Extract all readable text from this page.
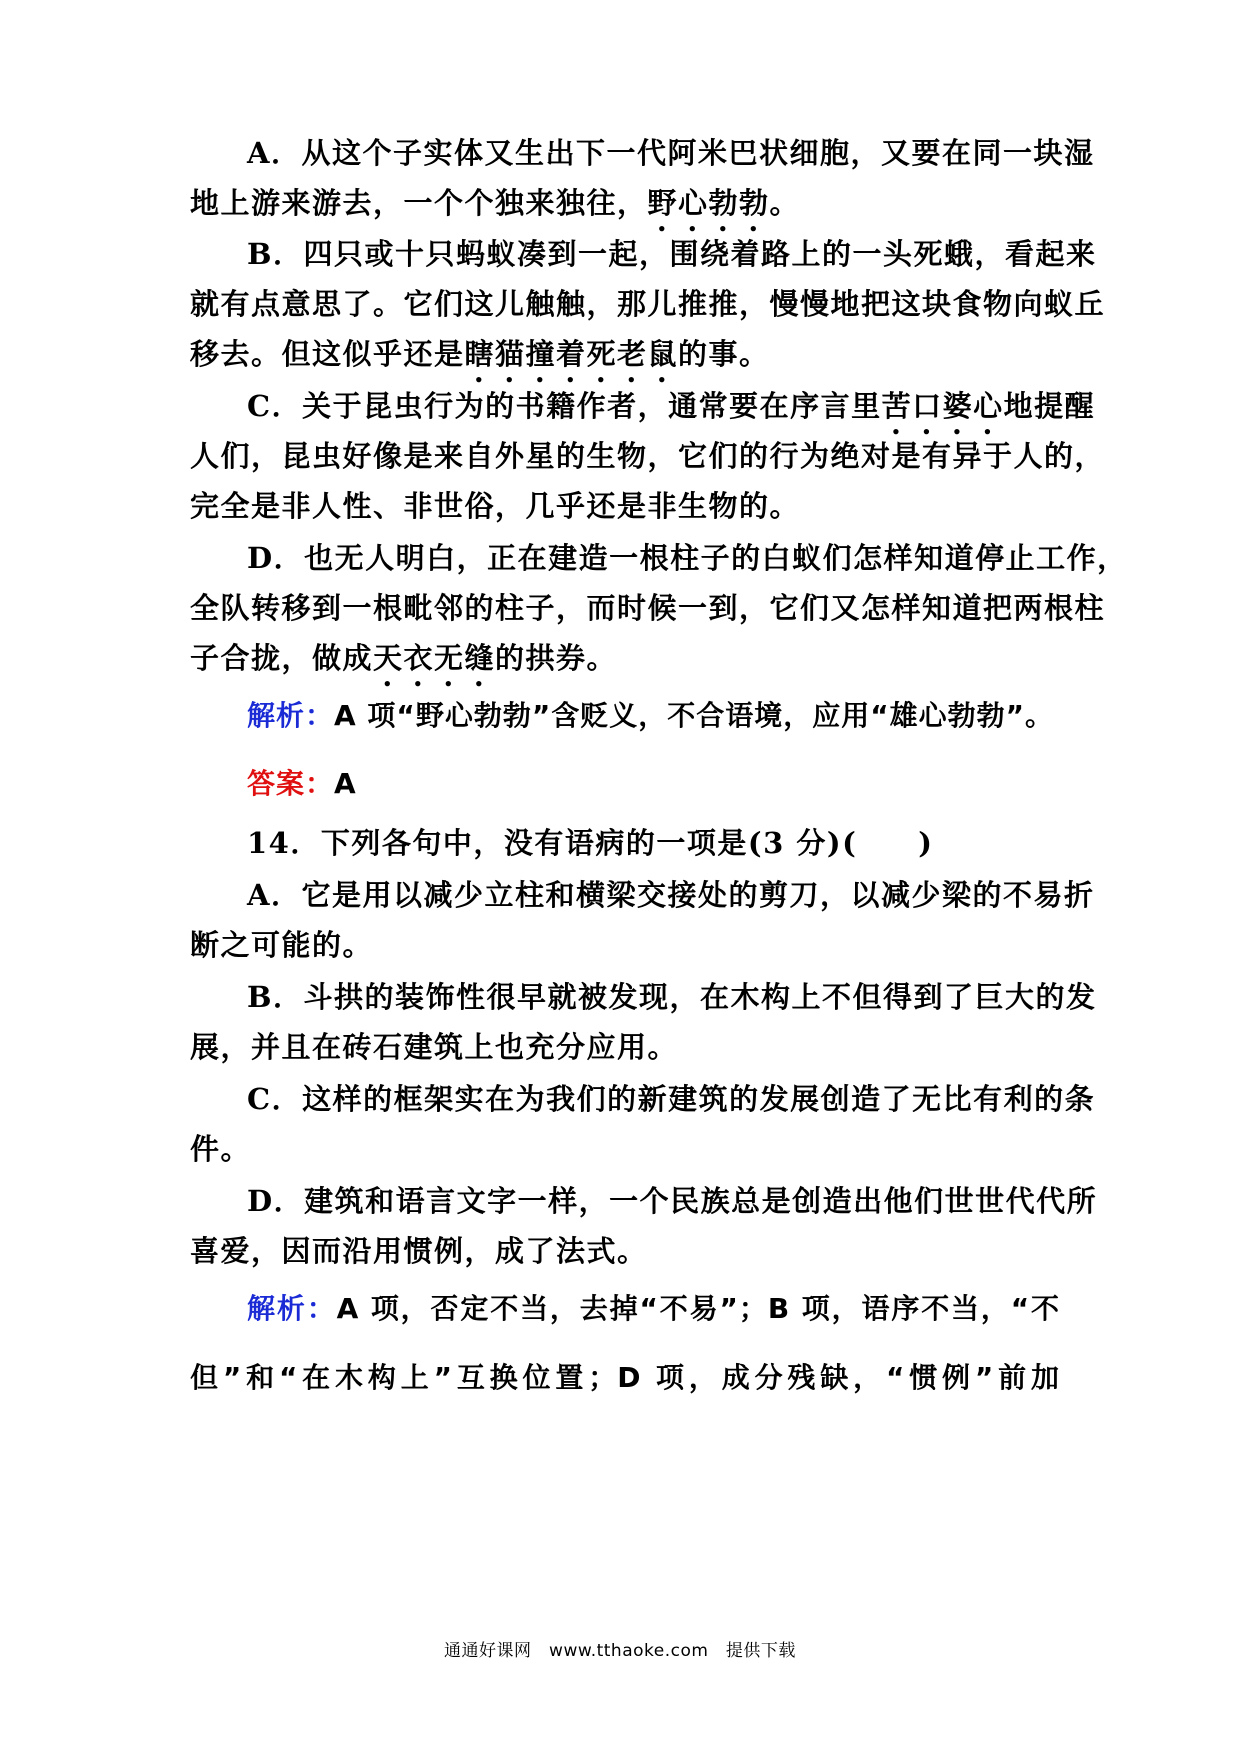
A．从这个子实体又生出下一代阿米巴状细胞，又要在同一块湿
地上游来游去，一个个独来独往，野心勃勃。
B．四只或十只蚂蚁凑到一起，围绕着路上的一头死蛾，看起来
就有点意思了。它们这儿触触，那儿推推，慢慢地把这块食物向蚁丘
移去。但这似乎还是瞎猫撞着死老鼠的事。
C．关于昆虫行为的书籍作者，通常要在序言里苦口婆心地提醒
人们，昆虫好像是来自外星的生物，它们的行为绝对是有异于人的，
完全是非人性、非世俗，几乎还是非生物的。
D．也无人明白，正在建造一根柱子的白蚁们怎样知道停止工作，
全队转移到一根毗邻的柱子，而时候一到，它们又怎样知道把两根柱
子合拢，做成天衣无缝的拱券。
解析：A 项“野心勃勃”含贬义，不合语境，应用“雄心勃勃”。
答案：A
14．下列各句中，没有语病的一项是(3 分)(　　)
A．它是用以减少立柱和横梁交接处的剪刀，以减少梁的不易折
断之可能的。
B．斗拱的装饰性很早就被发现，在木构上不但得到了巨大的发
展，并且在砖石建筑上也充分应用。
C．这样的框架实在为我们的新建筑的发展创造了无比有利的条
件。
D．建筑和语言文字一样，一个民族总是创造出他们世世代代所
喜爱，因而沿用惯例，成了法式。
解析：A 项，否定不当，去掉“不易”；B 项，语序不当，“不
但”和“在木构上”互换位置；D 项，成分残缺，“惯例”前加
通通好课网　www.tthaoke.com　提供下载
